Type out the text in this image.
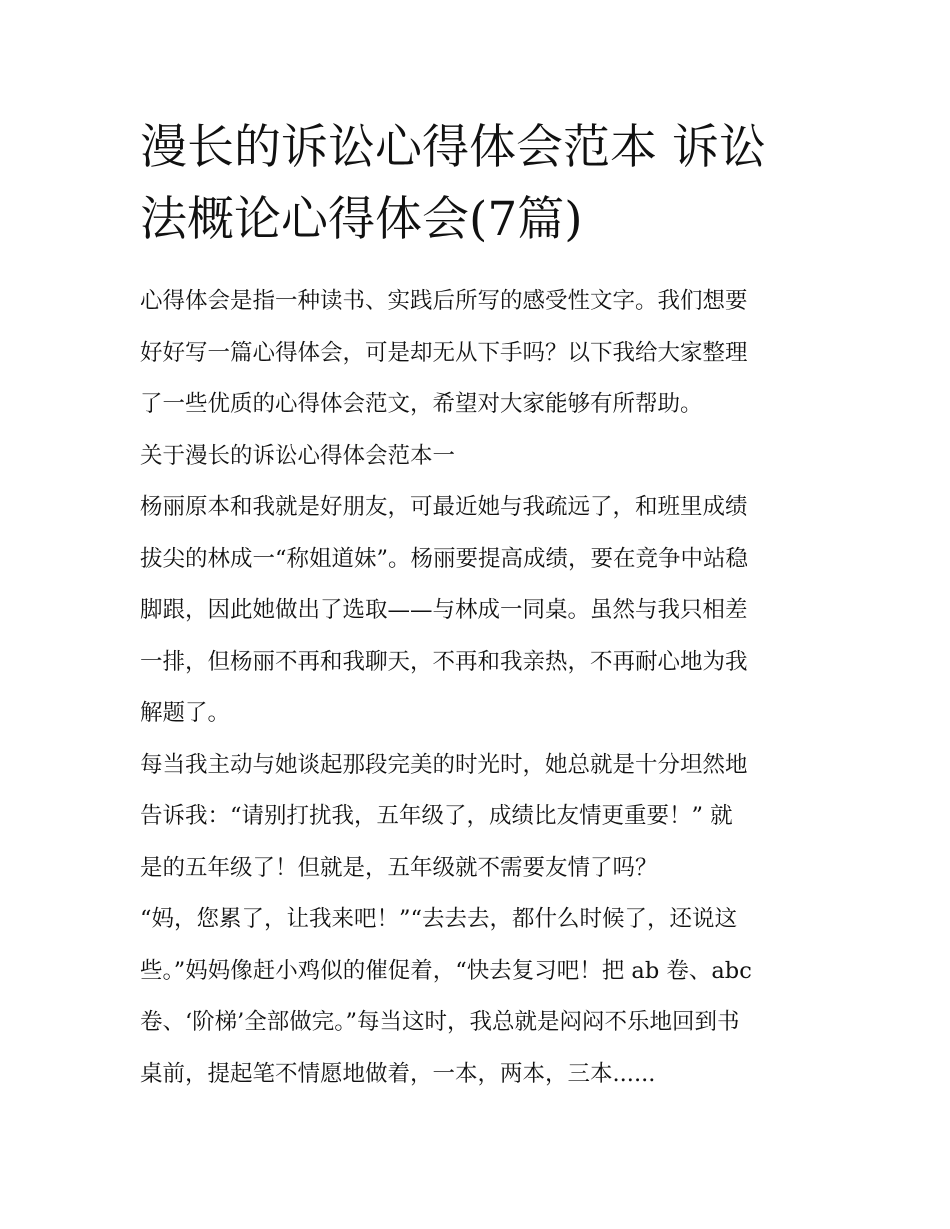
漫长的诉讼心得体会范本 诉讼
法概论心得体会(7篇)
心得体会是指一种读书、实践后所写的感受性文字。我们想要
好好写一篇心得体会，可是却无从下手吗？以下我给大家整理
了一些优质的心得体会范文，希望对大家能够有所帮助。
关于漫长的诉讼心得体会范本一
杨丽原本和我就是好朋友，可最近她与我疏远了，和班里成绩
拔尖的林成一“称姐道妹”。杨丽要提高成绩，要在竞争中站稳
脚跟，因此她做出了选取——与林成一同桌。虽然与我只相差
一排，但杨丽不再和我聊天，不再和我亲热，不再耐心地为我
解题了。
每当我主动与她谈起那段完美的时光时，她总就是十分坦然地
告诉我：“请别打扰我，五年级了，成绩比友情更重要！” 就
是的五年级了！但就是，五年级就不需要友情了吗？
“妈，您累了，让我来吧！”“去去去，都什么时候了，还说这
些。”妈妈像赶小鸡似的催促着，“快去复习吧！把 ab 卷、abc
卷、‘阶梯’全部做完。”每当这时，我总就是闷闷不乐地回到书
桌前，提起笔不情愿地做着，一本，两本，三本......
